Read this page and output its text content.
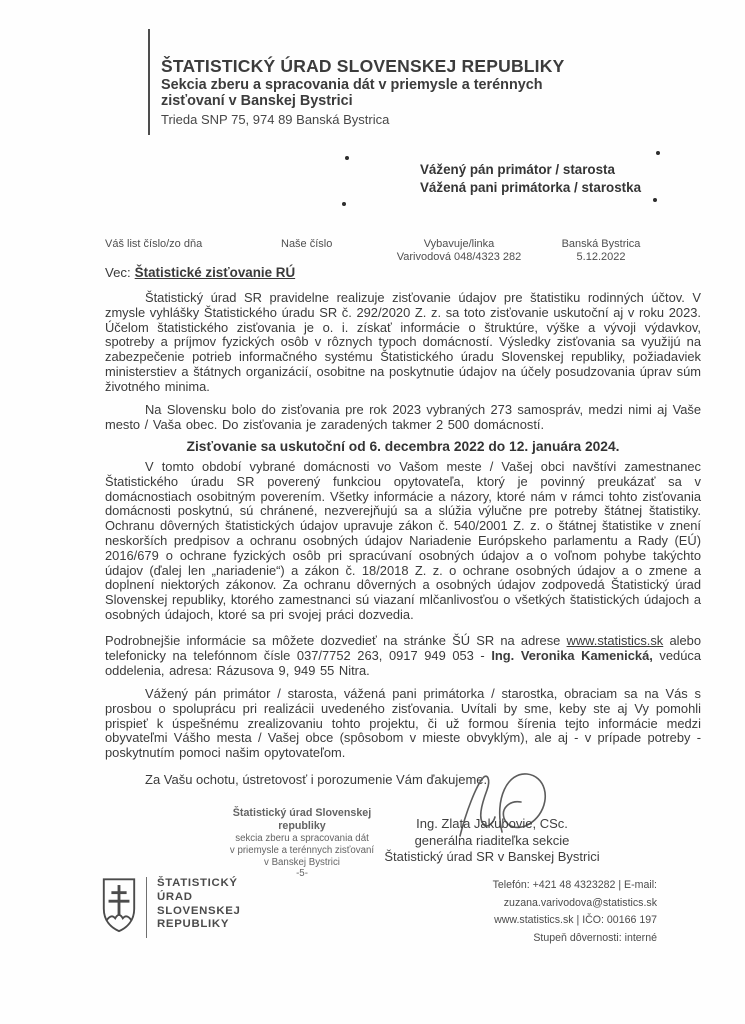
ŠTATISTICKÝ ÚRAD SLOVENSKEJ REPUBLIKY
Sekcia zberu a spracovania dát v priemysle a terénnych
zisťovaní v Banskej Bystrici
Trieda SNP 75, 974 89 Banská Bystrica
Vážený pán primátor / starosta
Vážená pani primátorka / starostka
Váš list číslo/zo dňa	Naše číslo	Vybavuje/linka
Varivodová 048/4323 282
Banská Bystrica
5.12.2022
Vec: Štatistické zisťovanie RÚ
Štatistický úrad SR pravidelne realizuje zisťovanie údajov pre štatistiku rodinných účtov. V zmysle vyhlášky Štatistického úradu SR č. 292/2020 Z. z. sa toto zisťovanie uskutoční aj v roku 2023. Účelom štatistického zisťovania je o. i. získať informácie o štruktúre, výške a vývoji výdavkov, spotreby a príjmov fyzických osôb v rôznych typoch domácností. Výsledky zisťovania sa využijú na zabezpečenie potrieb informačného systému Štatistického úradu Slovenskej republiky, požiadaviek ministerstiev a štátnych organizácií, osobitne na poskytnutie údajov na účely posudzovania úprav súm životného minima.
Na Slovensku bolo do zisťovania pre rok 2023 vybraných 273 samospráv, medzi nimi aj Vaše mesto / Vaša obec. Do zisťovania je zaradených takmer 2 500 domácností.
Zisťovanie sa uskutoční od 6. decembra 2022 do 12. januára 2024.
V tomto období vybrané domácnosti vo Vašom meste / Vašej obci navštívi zamestnanec Štatistického úradu SR poverený funkciou opytovateľa, ktorý je povinný preukázať sa v domácnostiach osobitným poverením. Všetky informácie a názory, ktoré nám v rámci tohto zisťovania domácnosti poskytnú, sú chránené, nezverejňujú sa a slúžia výlučne pre potreby štátnej štatistiky. Ochranu dôverných štatistických údajov upravuje zákon č. 540/2001 Z. z. o štátnej štatistike v znení neskorších predpisov a ochranu osobných údajov Nariadenie Európskeho parlamentu a Rady (EÚ) 2016/679 o ochrane fyzických osôb pri spracúvaní osobných údajov a o voľnom pohybe takýchto údajov (ďalej len „nariadenie“) a zákon č. 18/2018 Z. z. o ochrane osobných údajov a o zmene a doplnení niektorých zákonov. Za ochranu dôverných a osobných údajov zodpovedá Štatistický úrad Slovenskej republiky, ktorého zamestnanci sú viazaní mlčanlivosťou o všetkých štatistických údajoch a osobných údajoch, ktoré sa pri svojej práci dozvedia.
Podrobnejšie informácie sa môžete dozvedieť na stránke ŠÚ SR na adrese www.statistics.sk alebo telefonicky na telefónnom čísle 037/7752 263, 0917 949 053 - Ing. Veronika Kamenická, vedúca oddelenia, adresa: Rázusova 9, 949 55 Nitra.
Vážený pán primátor / starosta, vážená pani primátorka / starostka, obraciam sa na Vás s prosbou o spoluprácu pri realizácii uvedeného zisťovania. Uvítali by sme, keby ste aj Vy pomohli prispieť k úspešnému zrealizovaniu tohto projektu, či už formou šírenia tejto informácie medzi obyvateľmi Vášho mesta / Vašej obce (spôsobom v mieste obvyklým), ale aj - v prípade potreby - poskytnutím pomoci našim opytovateľom.
Za Vašu ochotu, ústretovosť i porozumenie Vám ďakujeme.
Štatistický úrad Slovenskej republiky
sekcia zberu a spracovania dát
v priemysle a terénnych zisťovaní
v Banskej Bystrici
-5-
Ing. Zlata Jakubovie, CSc.
generálna riaditeľka sekcie
Štatistický úrad SR v Banskej Bystrici
ŠTATISTICKÝ
ÚRAD
SLOVENSKEJ
REPUBLIKY
Telefón: +421 48 4323282 | E-mail: zuzana.varivodova@statistics.sk
www.statistics.sk | IČO: 00166 197
Stupeň dôvernosti: interné
